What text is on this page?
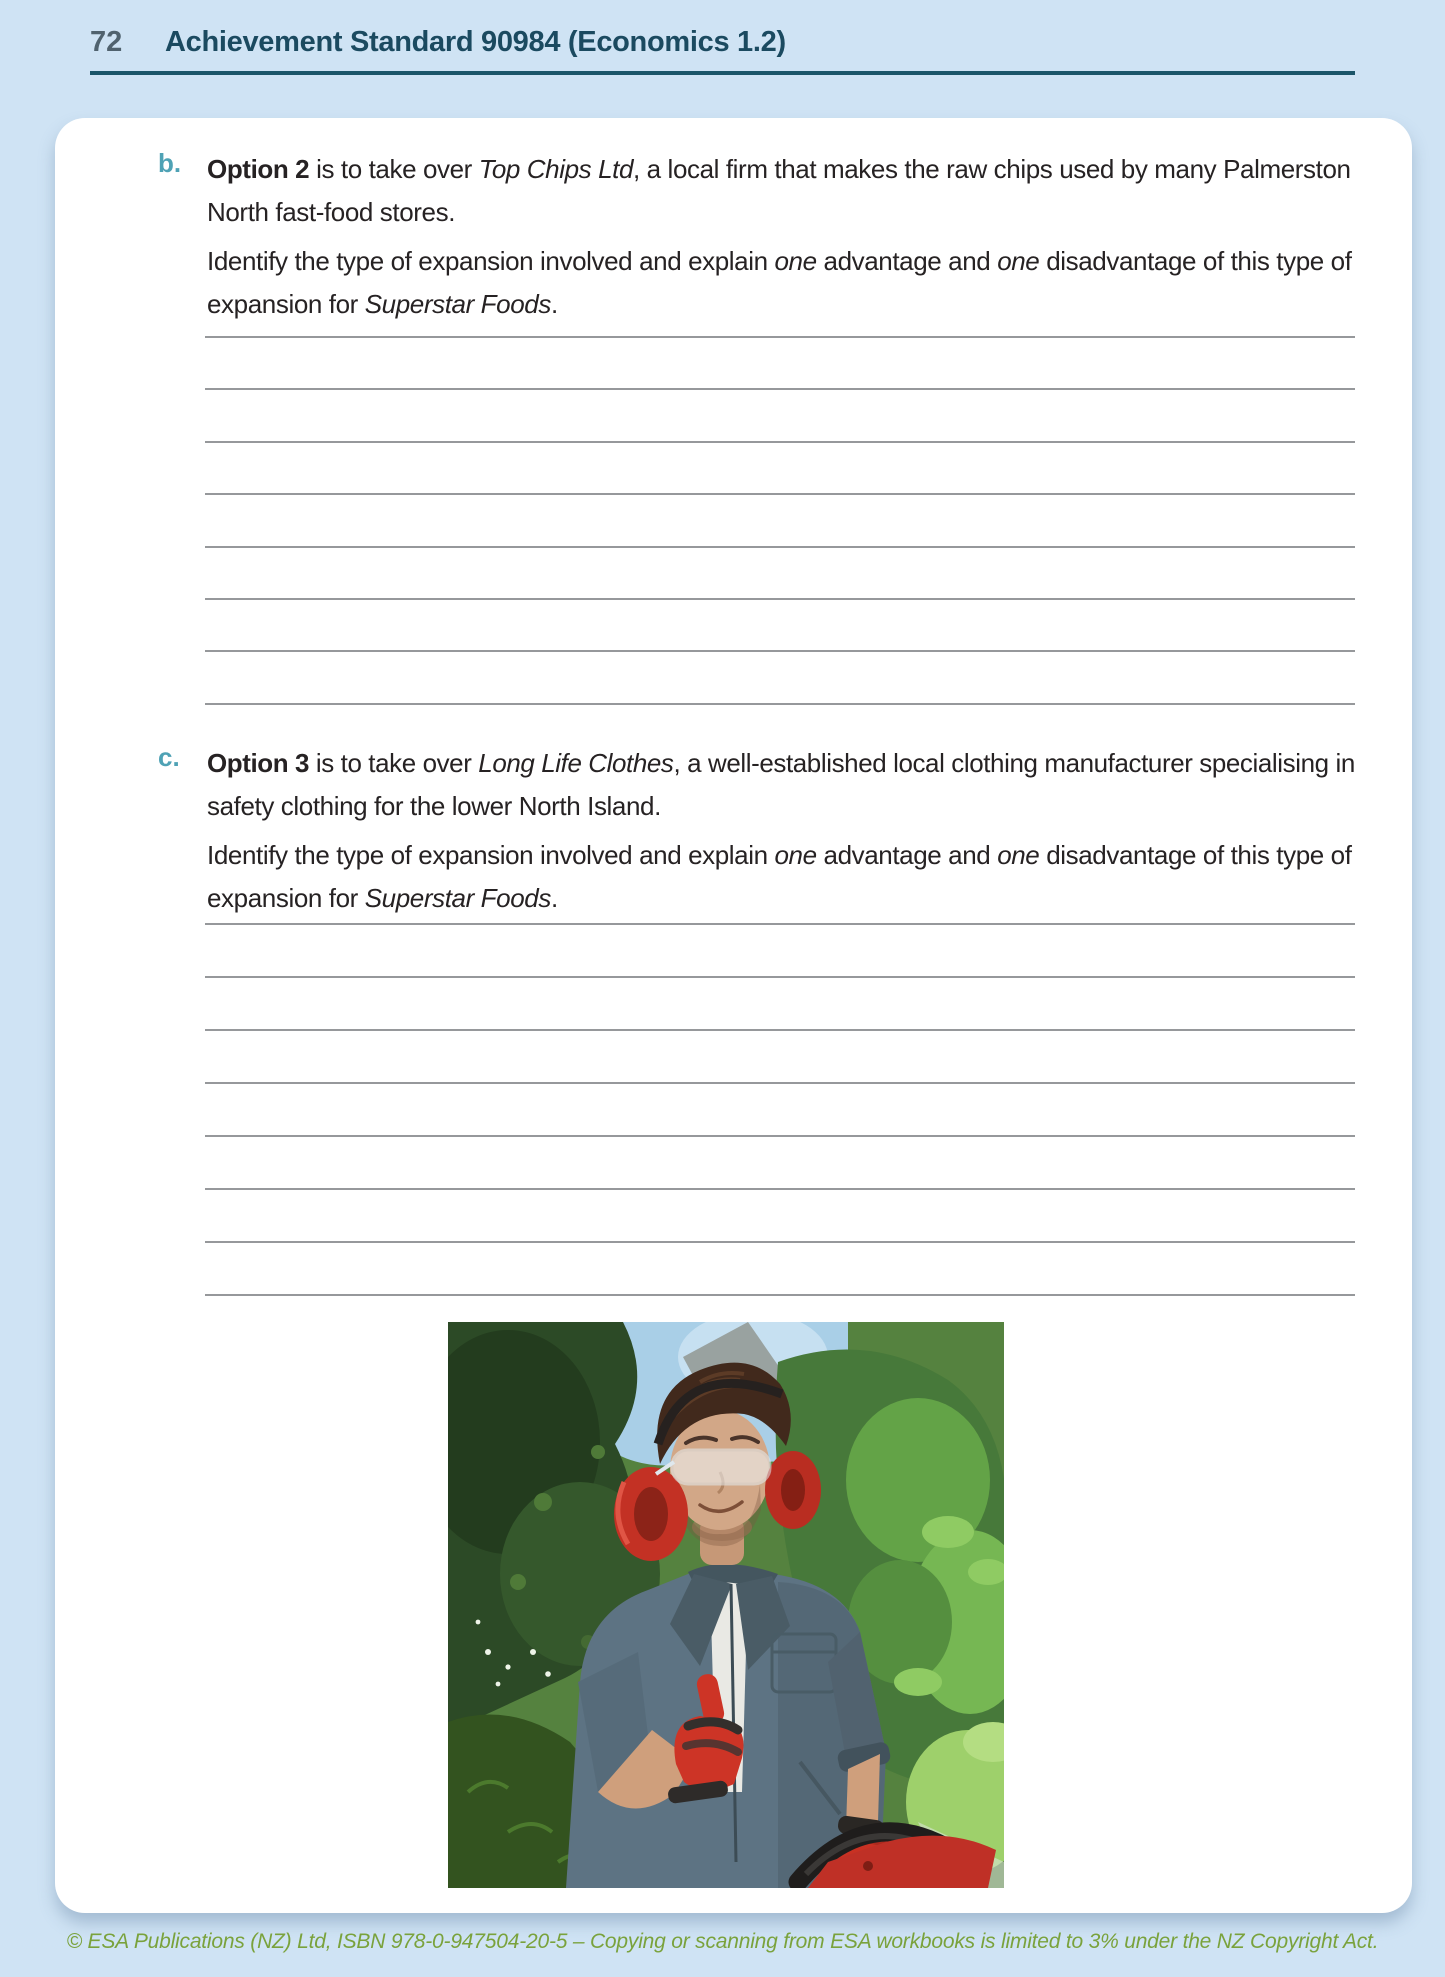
72	Achievement Standard 90984 (Economics 1.2)
b. Option 2 is to take over Top Chips Ltd, a local firm that makes the raw chips used by many Palmerston
North fast-food stores.
Identify the type of expansion involved and explain one advantage and one disadvantage of this type of
expansion for Superstar Foods.
c. Option 3 is to take over Long Life Clothes, a well-established local clothing manufacturer specialising in
safety clothing for the lower North Island.
Identify the type of expansion involved and explain one advantage and one disadvantage of this type of
expansion for Superstar Foods.
© ESA Publications (NZ) Ltd, ISBN 978-0-947504-20-5 – Copying or scanning from ESA workbooks is limited to 3% under the NZ Copyright Act.
